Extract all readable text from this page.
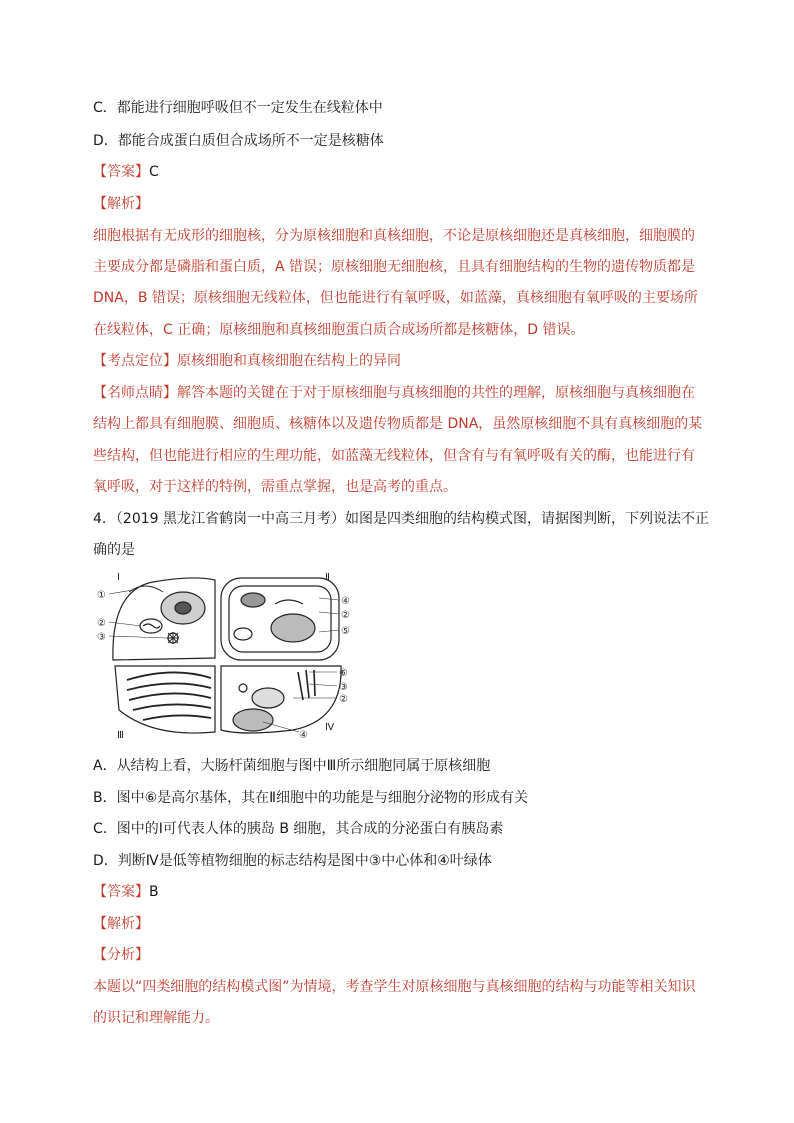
C．都能进行细胞呼吸但不一定发生在线粒体中
D．都能合成蛋白质但合成场所不一定是核糖体
【答案】C
【解析】
细胞根据有无成形的细胞核，分为原核细胞和真核细胞，不论是原核细胞还是真核细胞，细胞膜的
主要成分都是磷脂和蛋白质，A 错误；原核细胞无细胞核，且具有细胞结构的生物的遗传物质都是
DNA，B 错误；原核细胞无线粒体，但也能进行有氧呼吸，如蓝藻，真核细胞有氧呼吸的主要场所
在线粒体，C 正确；原核细胞和真核细胞蛋白质合成场所都是核糖体，D 错误。
【考点定位】原核细胞和真核细胞在结构上的异同
【名师点睛】解答本题的关键在于对于原核细胞与真核细胞的共性的理解，原核细胞与真核细胞在
结构上都具有细胞膜、细胞质、核糖体以及遗传物质都是 DNA，虽然原核细胞不具有真核细胞的某
些结构，但也能进行相应的生理功能，如蓝藻无线粒体，但含有与有氧呼吸有关的酶，也能进行有
氧呼吸，对于这样的特例，需重点掌握，也是高考的重点。
4．（2019 黑龙江省鹤岗一中高三月考）如图是四类细胞的结构模式图，请据图判断，下列说法不正
确的是
Ⅰ	Ⅱ
Ⅲ
Ⅳ
①
②
③
④
②
⑤
⑥
③
②
④
A．从结构上看，大肠杆菌细胞与图中Ⅲ所示细胞同属于原核细胞
B．图中⑥是高尔基体，其在Ⅱ细胞中的功能是与细胞分泌物的形成有关
C．图中的Ⅰ可代表人体的胰岛 B 细胞，其合成的分泌蛋白有胰岛素
D．判断Ⅳ是低等植物细胞的标志结构是图中③中心体和④叶绿体
【答案】B
【解析】
【分析】
本题以“四类细胞的结构模式图”为情境，考查学生对原核细胞与真核细胞的结构与功能等相关知识
的识记和理解能力。
